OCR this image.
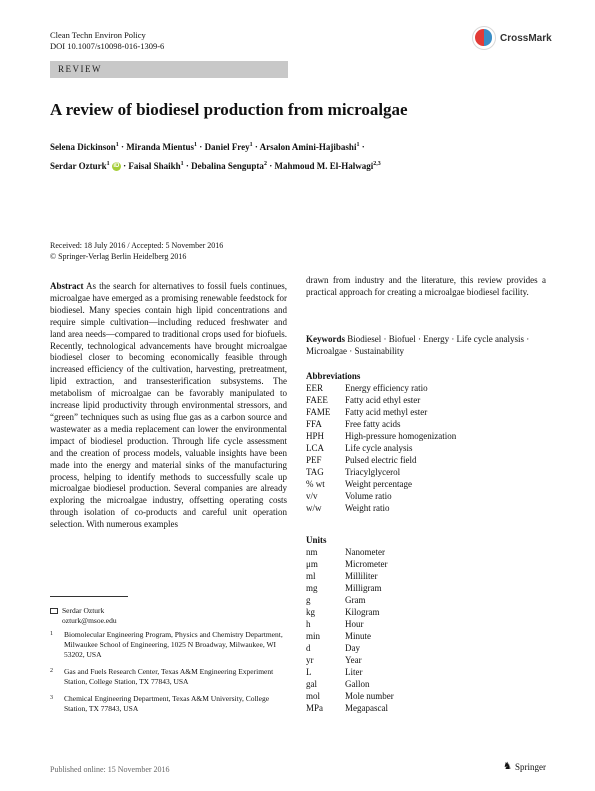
Clean Techn Environ Policy
DOI 10.1007/s10098-016-1309-6
CrossMark
REVIEW
A review of biodiesel production from microalgae
Selena Dickinson$^1$ · Miranda Mientus$^1$ · Daniel Frey$^1$ · Arsalon Amini-Hajibashi$^1$ ·
Serdar Ozturk$^1$ iD · Faisal Shaikh$^1$ · Debalina Sengupta$^2$ · Mahmoud M. El-Halwagi$^{2,3}$
Received: 18 July 2016 / Accepted: 5 November 2016
© Springer-Verlag Berlin Heidelberg 2016
Abstract As the search for alternatives to fossil fuels continues, microalgae have emerged as a promising renewable feedstock for biodiesel. Many species contain high lipid concentrations and require simple cultivation—including reduced freshwater and land area needs—compared to traditional crops used for biofuels. Recently, technological advancements have brought microalgae biodiesel closer to becoming economically feasible through increased efficiency of the cultivation, harvesting, pretreatment, lipid extraction, and transesterification subsystems. The metabolism of microalgae can be favorably manipulated to increase lipid productivity through environmental stressors, and “green” techniques such as using flue gas as a carbon source and wastewater as a media replacement can lower the environmental impact of biodiesel production. Through life cycle assessment and the creation of process models, valuable insights have been made into the energy and material sinks of the manufacturing process, helping to identify methods to successfully scale up microalgae biodiesel production. Several companies are already exploring the microalgae industry, offsetting operating costs through isolation of co-products and careful unit operation selection. With numerous examples
drawn from industry and the literature, this review provides a practical approach for creating a microalgae biodiesel facility.
Keywords Biodiesel · Biofuel · Energy · Life cycle analysis · Microalgae · Sustainability
Abbreviations
EER	Energy efficiency ratio
FAEE	Fatty acid ethyl ester
FAME	Fatty acid methyl ester
FFA	Free fatty acids
HPH	High-pressure homogenization
LCA	Life cycle analysis
PEF	Pulsed electric field
TAG	Triacylglycerol
% wt	Weight percentage
v/v	Volume ratio
w/w	Weight ratio
Units
nm	Nanometer
μm	Micrometer
ml	Milliliter
mg	Milligram
g	Gram
kg	Kilogram
h	Hour
min	Minute
d	Day
yr	Year
L	Liter
gal	Gallon
mol	Mole number
MPa	Megapascal
Serdar Ozturk
ozturk@msoe.edu
1	Biomolecular Engineering Program, Physics and Chemistry Department, Milwaukee School of Engineering, 1025 N Broadway, Milwaukee, WI 53202, USA
2	Gas and Fuels Research Center, Texas A&M Engineering Experiment Station, College Station, TX 77843, USA
3	Chemical Engineering Department, Texas A&M University, College Station, TX 77843, USA
Published online: 15 November 2016	♞ Springer
